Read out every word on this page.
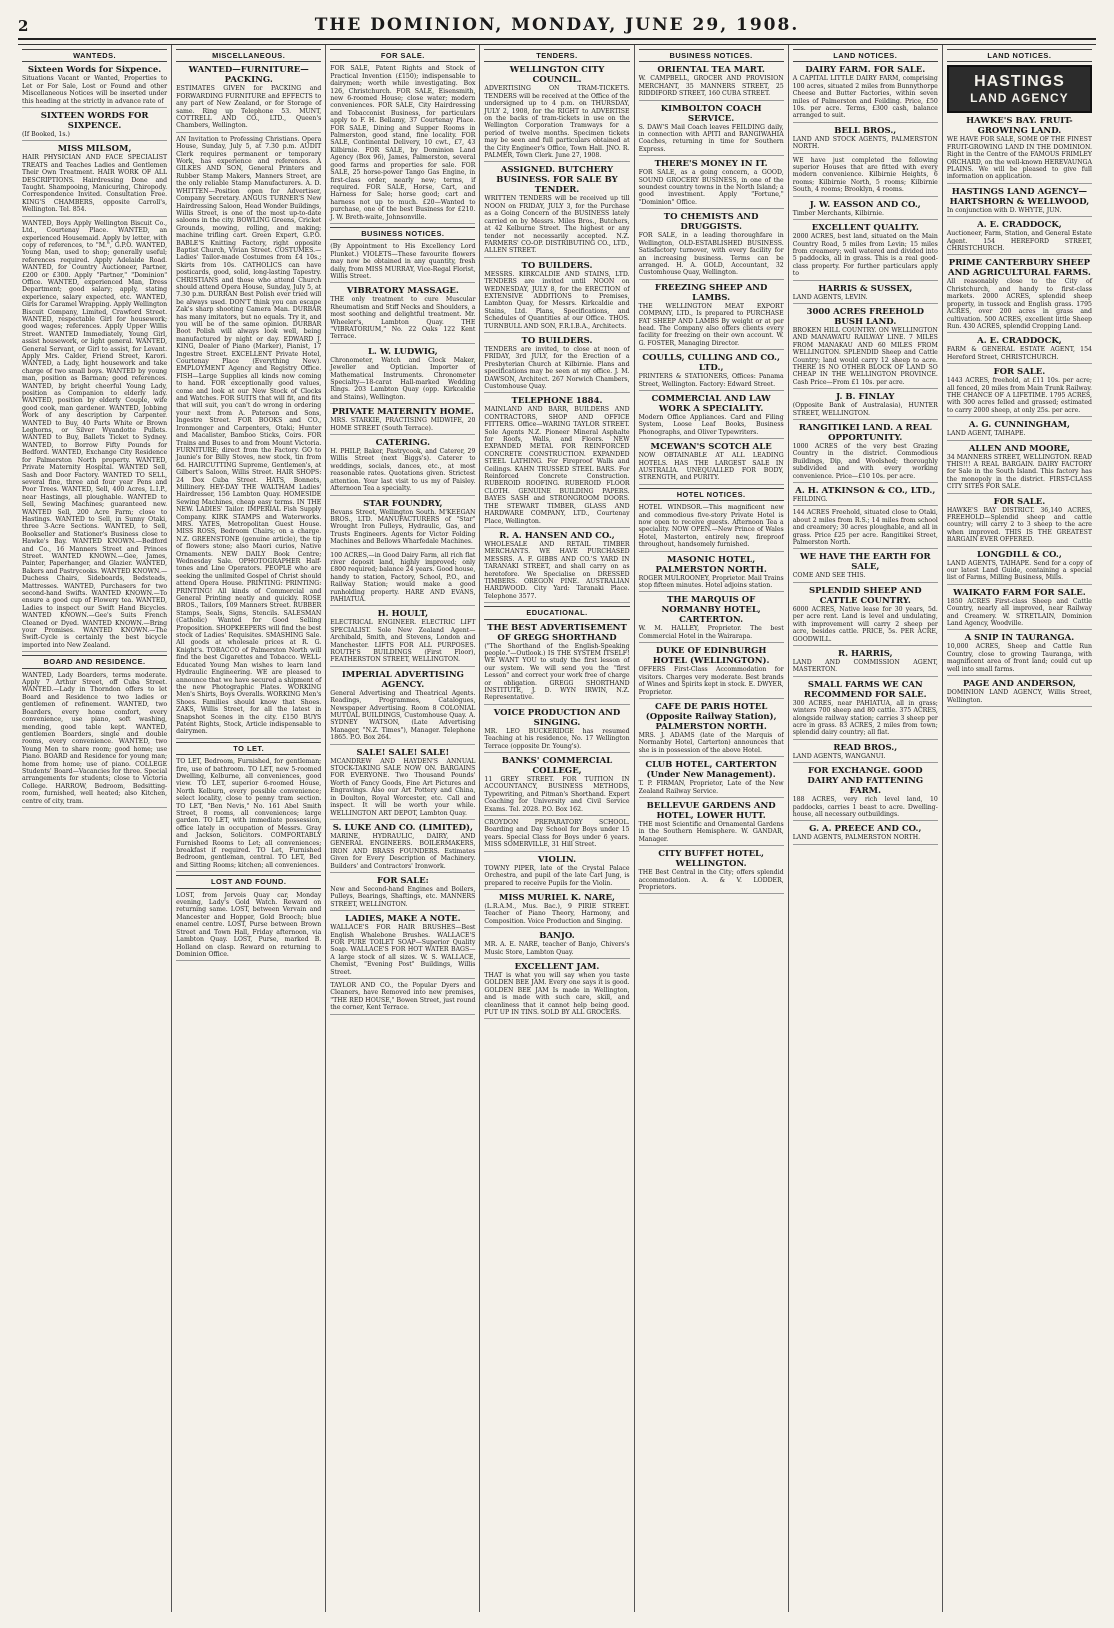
2	THE DOMINION, MONDAY, JUNE 29, 1908.
WANTEDS.

Sixteen Words for Sixpence.

Situations Vacant or Wanted, Properties to Let or For Sale, Lost or Found and other Miscellaneous Notices will be inserted under this heading at the strictly in advance rate of

SIXTEEN WORDS FOR SIXPENCE.

(If Booked, 1s.)

MISS MILSOM,

HAIR PHYSICIAN AND FACE SPECIALIST TREATS and Teaches Ladies and Gentlemen Their Own Treatment. HAIR WORK OF ALL DESCRIPTIONS. Hairdressing Done and Taught. Shampooing, Manicuring, Chiropody. Correspondence Invited. Consultation Free. KING'S CHAMBERS, opposite Carroll's, Wellington. Tel. 854.

WANTED, Boys Apply Wellington Biscuit Co., Ltd., Courtenay Place. WANTED, an experienced Housemaid. Apply by letter, with copy of references, to "M.", G.P.O. WANTED, Young Man, used to shop; generally useful; references required. Apply Adelaide Road. WANTED, for Country Auctioneer, Partner, £200 or £300. Apply "Partner," "Dominion" Office. WANTED, experienced Man, Dress Department; good salary; apply, stating experience, salary expected, etc. WANTED, Girls for Caramel Wrapping. Apply Wellington Biscuit Company, Limited, Crawford Street. WANTED, respectable Girl for housework; good wages; references. Apply Upper Willis Street. WANTED Immediately, Young Girl, assist housework, or light general. WANTED, General Servant, or Girl to assist, for Levant. Apply Mrs. Calder, Friend Street, Karori. WANTED, a Lady, light housework and take charge of two small boys. WANTED by young man, position as Barman; good references. WANTED, by bright cheerful Young Lady, position as Companion to elderly lady. WANTED, position by elderly Couple, wife good cook, man gardener. WANTED, Jobbing Work of any description by Carpenter. WANTED to Buy, 40 Parts White or Brown Leghorns, or Silver Wyandotte Pullets. WANTED to Buy, Ballets Ticket to Sydney. WANTED, to Borrow Fifty Pounds for Bedford. WANTED, Exchange City Residence for Palmerston North property. WANTED, Private Maternity Hospital. WANTED Sell, Sash and Door Factory. WANTED TO SELL, several fine, three and four year Pens and Poor Trees. WANTED, Sell, 400 Acres, L.I.P., near Hastings, all ploughable. WANTED to Sell, Sewing Machines; guaranteed new. WANTED Sell, 200 Acre Farm; close to Hastings. WANTED to Sell, in Sunny Otaki, three 3-Acre Sections. WANTED, to Sell, Bookseller and Stationer's Business close to Hawke's Bay. WANTED KNOWN.—Bedford and Co., 16 Manners Street and Princes Street. WANTED KNOWN.—Gee, James, Painter, Paperhanger, and Glazier. WANTED, Bakers and Pastrycooks. WANTED KNOWN.—Duchess Chairs, Sideboards, Bedsteads, Mattresses. WANTED, Purchasers for two second-hand Swifts. WANTED KNOWN.—To ensure a good cup of Flowery tea. WANTED, Ladies to inspect our Swift Hand Bicycles. WANTED KNOWN.—Gee's Suits French Cleaned or Dyed. WANTED KNOWN.—Bring your Promises. WANTED KNOWN.—The Swift-Cycle is certainly the best bicycle imported into New Zealand.

BOARD AND RESIDENCE.

WANTED, Lady Boarders, terms moderate. Apply 7 Arthur Street, off Cuba Street. WANTED.—Lady in Thorndon offers to let Board and Residence to two ladies or gentlemen of refinement. WANTED, two Boarders, every home comfort, every convenience, use piano, soft washing, mending, good table kept. WANTED, gentlemen Boarders, single and double rooms, every convenience. WANTED, two Young Men to share room; good home; use Piano. BOARD and Residence for young man; home from home; use of piano. COLLEGE Students' Board—Vacancies for three. Special arrangements for students; close to Victoria College. HARROW, Bedroom, Bedsitting-room, furnished, well heated; also Kitchen, centre of city, tram.

MISCELLANEOUS.

WANTED—FURNITURE—PACKING.

ESTIMATES GIVEN for PACKING and FORWARDING FURNITURE and EFFECTS to any part of New Zealand, or for Storage of same. Ring up Telephone 53. MUNT, COTTRELL AND CO., LTD., Queen's Chambers, Wellington.

AN Invitation to Professing Christians. Opera House, Sunday, July 5, at 7.30 p.m. AUDIT Clerk requires permanent or temporary Work, has experience and references. A GILKES AND SON, General Printers and Rubber Stamp Makers, Manners Street, are the only reliable Stamp Manufacturers. A. D. WHITTEN—Position open for Advertiser, Company Secretary. ANGUS TURNER'S New Hairdressing Saloon, Head Wonder Buildings, Willis Street, is one of the most up-to-date saloons in the city. BOWLING Greens, Cricket Grounds, mowing, rolling, and making; machine trifling cart. Green Expert, G.P.O. BABLE'S Knitting Factory, right opposite Baptist Church, Vivian Street. COSTUMES.—Ladies' Tailor-made Costumes from £4 10s.; Skirts from 10s. CATHOLICS can have posticards, good, solid, long-lasting Tapestry. CHRISTIANS and those who attend Church should attend Opera House, Sunday, July 5, at 7.30 p.m. DURRAN Best Polish ever tried will be always used. DON'T think you can escape Zak's sharp shooting Camera Man. DURBAR has many imitators, but no equals. Try it, and you will be of the same opinion. DURBAR Boot Polish will always look well, being manufactured by night or day. EDWARD J. KING, Dealer of Piano (Marker), Pianist, 17 Ingestre Street. EXCELLENT Private Hotel, Courtenay Place (Everything New). EMPLOYMENT Agency and Registry Office. FISH—Large Supplies all kinds now coming to hand. FOR exceptionally good values, come and look at our New Stock of Clocks and Watches. FOR SUITS that will fit, and fits that will suit, you can't do wrong in ordering your next from A. Paterson and Sons, Ingestre Street. FOR BOOKS and CO., Ironmonger and Carpenters, Otaki; Hunter and Macalister, Bamboo Sticks, Coirs. FOR Trains and Buses to and from Mount Victoria. FURNITURE; direct from the Factory. GO to Jaunie's for Billy Stoves, new stock, tin from 6d. HAIRCUTTING Supreme, Gentlemen's, at Gilbert's Saloon, Willis Street. HAIR SHOPS: 24 Dox Cuba Street. HATS, Bonnets, Millinery. HEY-DAY THE WALTHAM Ladies' Hairdresser, 156 Lambton Quay. HOMESIDE Sewing Machines, cheap easy terms. IN THE NEW. LADIES' Tailor. IMPERIAL Fish Supply Company. KIRK STAMPS and Waterworks. MRS. YATES, Metropolitan Guest House. MISS ROSS, Bedroom Chairs; on a charge. N.Z. GREENSTONE (genuine article), the tip of flowers stone; also Maori curios, Native Ornaments. NEW DAILY Book Centre; Wednesday Sale. OPHOTOGRAPHER Half-tones and Line Operators. PEOPLE who are seeking the unlimited Gospel of Christ should attend Opera House. PRINTING: PRINTING: PRINTING! All kinds of Commercial and General Printing neatly and quickly. ROSE BROS., Tailors, 109 Manners Street. RUBBER Stamps, Seals, Signs, Stencils. SALESMAN (Catholic) Wanted for Good Selling Proposition. SHOPKEEPERS will find the best stock of Ladies' Requisites. SMASHING Sale. All goods at wholesale prices at R. G. Knight's. TOBACCO of Palmerston North will find the best Cigarettes and Tobacco. WELL-Educated Young Man wishes to learn land Hydraulic Engineering. WE are pleased to announce that we have secured a shipment of the new Photographic Plates. WORKING Men's Shirts, Boys Overalls. WORKING Men's Shoes. Families should know that Shoes. ZAKS, Willis Street, for all the latest in Snapshot Scenes in the city. £150 BUYS Patent Rights, Stock, Article indispensable to dairymen.

TO LET.

TO LET, Bedroom, Furnished, for gentleman; fire, use of bathroom. TO LET, new 5-roomed Dwelling, Kelburne, all conveniences, good view. TO LET, superior 6-roomed House, North Kelburn, every possible convenience; select locality, close to penny tram section. TO LET, "Ben Nevis," No. 161 Abel Smith Street, 8 rooms, all conveniences; large garden. TO LET, with immediate possession, office lately in occupation of Messrs. Gray and Jackson, Solicitors. COMFORTABLY Furnished Rooms to Let; all conveniences; breakfast if required. TO Let, Furnished Bedroom, gentleman, central. TO LET, Bed and Sitting Rooms; kitchen; all conveniences.

LOST AND FOUND.

LOST, from Jervois Quay car, Monday evening, Lady's Gold Watch. Reward on returning same. LOST, between Vervain and Mancester and Hopper, Gold Brooch; blue enamel centre. LOST, Purse between Brown Street and Town Hall, Friday afternoon, via Lambton Quay. LOST, Purse, marked B. Holland on clasp. Reward on returning to Dominion Office.

FOR SALE.

FOR SALE, Patent Rights and Stock of Practical Invention (£150); indispensable to dairymen; worth while investigating. Box 126, Christchurch. FOR SALE, Eisensmith, new 6-roomed House; close water; modern conveniences. FOR SALE, City Hairdressing and Tobacconist Business, for particulars apply to F. H. Bellamy, 37 Courtenay Place. FOR SALE, Dining and Supper Rooms in Palmerston, good stand, fine locality. FOR SALE, Continental Delivery, 10 cwt., £7, 43 Kilbirnie. FOR SALE, by Dominion Land Agency (Box 96), James, Palmerston, several good farms and properties for sale. FOR SALE, 25 horse-power Tango Gas Engine, in first-class order, nearly new; terms, if required. FOR SALE, Horse, Cart, and Harness for Sale; horse good; cart and harness not up to much. £20—Wanted to purchase, one of the best Business for £210. J. W. Breth-waite, Johnsonville.

BUSINESS NOTICES.

(By Appointment to His Excellency Lord Plunket.) VIOLETS—These favourite flowers may now be obtained in any quantity, fresh daily, from MISS MURRAY, Vice-Regal Florist, Willis Street.

VIBRATORY MASSAGE.

THE only treatment to cure Muscular Rheumatism and Stiff Necks and Shoulders, a most soothing and delightful treatment. Mr. Wheeler's, Lambton Quay. THE "VIBRATORIUM," No. 22 Oaks 122 Kent Terrace.

L. W. LUDWIG,

Chronometer, Watch and Clock Maker, Jeweller and Optician. Importer of Mathematical Instruments. Chronometer Specialty—18-carat Hall-marked Wedding Rings. 203 Lambton Quay (opp. Kirkcaldie and Stains), Wellington.

PRIVATE MATERNITY HOME.

MRS. STARKIE, PRACTISING MIDWIFE, 20 HOME STREET (South Terrace).

CATERING.

H. PHILP, Baker, Pastrycook, and Caterer, 29 Willis Street (next Biggs's). Caterer to weddings, socials, dances, etc., at most reasonable rates. Quotations given. Strictest attention. Your last visit to us my of Paisley. Afternoon Tea a specialty.

STAR FOUNDRY,

Bevans Street, Wellington South. M'KEEGAN BROS., LTD. MANUFACTURERS of "Star" Wrought Iron Pulleys, Hydraulic, Gas, and Trusts Engineers. Agents for Victor Folding Machines and Bellows Wharfedale Machines.

100 ACRES,—in Good Dairy Farm, all rich flat river deposit land, highly improved; only £800 required; balance 24 years. Good house, handy to station, Factory, School, P.O., and Railway Station; would make a good runholding property. HARE AND EVANS, PAHIATUA.

H. HOULT,

ELECTRICAL ENGINEER. ELECTRIC LIFT SPECIALIST. Sole New Zealand Agent—Archibald, Smith, and Stevens, London and Manchester. LIFTS FOR ALL PURPOSES. ROUTH'S BUILDINGS (First Floor), FEATHERSTON STREET, WELLINGTON.

IMPERIAL ADVERTISING AGENCY.

General Advertising and Theatrical Agents. Readings, Programmes, Catalogues, Newspaper Advertising. Room 8 COLONIAL MUTUAL BUILDINGS, Customhouse Quay. A. SYDNEY WATSON, (Late Advertising Manager, "N.Z. Times"), Manager. Telephone 1865. P.O. Box 264.

SALE! SALE! SALE!

MCANDREW AND HAYDEN'S ANNUAL STOCK-TAKING SALE NOW ON. BARGAINS FOR EVERYONE. Two Thousand Pounds' Worth of Fancy Goods, Fine Art Pictures and Engravings. Also our Art Pottery and China, in Doulton, Royal Worcester, etc. Call and inspect. It will be worth your while. WELLINGTON ART DEPOT, Lambton Quay.

S. LUKE AND CO. (LIMITED),

MARINE, HYDRAULIC, DAIRY, AND GENERAL ENGINEERS. BOILERMAKERS, IRON AND BRASS FOUNDERS. Estimates Given for Every Description of Machinery. Builders' and Contractors' Ironwork.

FOR SALE:

New and Second-hand Engines and Boilers, Pulleys, Bearings, Shaftings, etc. MANNERS STREET, WELLINGTON.

LADIES, MAKE A NOTE.

WALLACE'S FOR HAIR BRUSHES—Best English Whalebone Brushes. WALLACE'S FOR PURE TOILET SOAP—Superior Quality Soap. WALLACE'S FOR HOT WATER BAGS—A large stock of all sizes. W. S. WALLACE, Chemist, "Evening Post" Buildings, Willis Street.

TAYLOR AND CO., the Popular Dyers and Cleaners, have Removed into new premises, "THE RED HOUSE," Bowen Street, just round the corner, Kent Terrace.

TENDERS.

WELLINGTON CITY COUNCIL.

ADVERTISING ON TRAM-TICKETS. TENDERS will be received at the Office of the undersigned up to 4 p.m. on THURSDAY, JULY 2, 1908, for the RIGHT to ADVERTISE on the backs of tram-tickets in use on the Wellington Corporation Tramways for a period of twelve months. Specimen tickets may be seen and full particulars obtained at the City Engineer's Office, Town Hall. JNO. R. PALMER, Town Clerk. June 27, 1908.

ASSIGNED. BUTCHERY BUSINESS. FOR SALE BY TENDER.

WRITTEN TENDERS will be received up till NOON on FRIDAY, JULY 3, for the Purchase as a Going Concern of the BUSINESS lately carried on by Messrs. Miles Bros., Butchers, at 42 Kelburne Street. The highest or any tender not necessarily accepted. N.Z. FARMERS' CO-OP. DISTRIBUTING CO., LTD., ALLEN STREET.

TO BUILDERS.

MESSRS. KIRKCALDIE AND STAINS, LTD. TENDERS are invited until NOON on WEDNESDAY, JULY 8, for the ERECTION of EXTENSIVE ADDITIONS to Premises, Lambton Quay, for Messrs. Kirkcaldie and Stains, Ltd. Plans, Specifications, and Schedules of Quantities at our Office. THOS. TURNBULL AND SON, F.R.I.B.A., Architects.

TO BUILDERS.

TENDERS are invited, to close at noon of FRIDAY, 3rd JULY, for the Erection of a Presbyterian Church at Kilbirnie. Plans and specifications may be seen at my office. J. M. DAWSON, Architect. 267 Norwich Chambers, Customhouse Quay.

TELEPHONE 1884.

MAINLAND AND BARR, BUILDERS AND CONTRACTORS, SHOP AND OFFICE FITTERS. Office—WARING TAYLOR STREET. Sole Agents N.Z. Pioneer Mineral Asphalte for Roofs, Walls, and Floors. NEW EXPANDED METAL FOR REINFORCED CONCRETE CONSTRUCTION. EXPANDED STEEL LATHING. For Fireproof Walls and Ceilings. KAHN TRUSSED STEEL BARS. For Reinforced Concrete Construction. RUBEROID ROOFING. RUBEROID FLOOR CLOTH. GENUINE BUILDING PAPERS. BAYES SASH and STRONGROOM DOORS. THE STEWART TIMBER, GLASS AND HARDWARE COMPANY, LTD., Courtenay Place, Wellington.

R. A. HANSEN AND CO.,

WHOLESALE AND RETAIL TIMBER MERCHANTS. WE HAVE PURCHASED MESSRS. A. F. GIBBS AND CO.'S YARD IN TARANAKI STREET, and shall carry on as heretofore. We Specialise on DRESSED TIMBERS. OREGON PINE. AUSTRALIAN HARDWOOD. City Yard: Taranaki Place. Telephone 3577.

EDUCATIONAL.

THE BEST ADVERTISEMENT OF GREGG SHORTHAND

("The Shorthand of the English-Speaking people."—Outlook.) IS THE SYSTEM ITSELF! WE WANT YOU to study the first lesson of our system. We will send you the "first Lesson" and correct your work free of charge or obligation. GREGG SHORTHAND INSTITUTE, J. D. WYN IRWIN, N.Z. Representative.

VOICE PRODUCTION AND SINGING.

MR. LEO BUCKERIDGE has resumed Teaching at his residence, No. 17 Wellington Terrace (opposite Dr. Young's).

BANKS' COMMERCIAL COLLEGE,

11 GREY STREET. FOR TUITION IN ACCOUNTANCY, BUSINESS METHODS, Typewriting, and Pitman's Shorthand. Expert Coaching for University and Civil Service Exams. Tel. 2028. P.O. Box 162.

CROYDON PREPARATORY SCHOOL. Boarding and Day School for Boys under 15 years. Special Class for Boys under 6 years. MISS SOMERVILLE, 31 Hill Street.

VIOLIN.

TOWNY PIPER, late of the Crystal Palace Orchestra, and pupil of the late Carl Jung, is prepared to receive Pupils for the Violin.

MISS MURIEL K. NARE,

(L.R.A.M., Mus. Bac.), 9 PIRIE STREET. Teacher of Piano Theory, Harmony, and Composition. Voice Production and Singing.

BANJO.

MR. A. E. NARE, teacher of Banjo, Chivers's Music Store, Lambton Quay.

EXCELLENT JAM.

THAT is what you will say when you taste GOLDEN BEE JAM. Every one says it is good. GOLDEN BEE JAM Is made in Wellington, and is made with such care, skill, and cleanliness that it cannot help being good. PUT UP IN TINS. SOLD BY ALL GROCERS.

BUSINESS NOTICES.

ORIENTAL TEA MART.

W. CAMPBELL, GROCER AND PROVISION MERCHANT, 35 MANNERS STREET, 25 RIDDIFORD STREET, 160 CUBA STREET.

KIMBOLTON COACH SERVICE.

S. DAW'S Mail Coach leaves FEILDING daily, in connection with APITI and RANGIWAHIA Coaches, returning in time for Southern Express.

THERE'S MONEY IN IT.

FOR SALE, as a going concern, a GOOD, SOUND GROCERY BUSINESS, in one of the soundest country towns in the North Island; a good investment. Apply "Fortune," "Dominion" Office.

TO CHEMISTS AND DRUGGISTS.

FOR SALE, in a leading thoroughfare in Wellington, OLD-ESTABLISHED BUSINESS. Satisfactory turnover, with every facility for an increasing business. Terms can be arranged. H. A. GOLD, Accountant, 32 Customhouse Quay, Wellington.

FREEZING SHEEP AND LAMBS.

THE WELLINGTON MEAT EXPORT COMPANY, LTD., Is prepared to PURCHASE FAT SHEEP AND LAMBS By weight or at per head. The Company also offers clients every facility for freezing on their own account. W. G. FOSTER, Managing Director.

COULLS, CULLING AND CO., LTD.,

PRINTERS & STATIONERS, Offices: Panama Street, Wellington. Factory: Edward Street.

COMMERCIAL AND LAW WORK A SPECIALITY.

Modern Office Appliances. Card and Filing System, Loose Leaf Books, Business Phonographs, and Oliver Typewriters.

MCEWAN'S SCOTCH ALE

NOW OBTAINABLE AT ALL LEADING HOTELS. HAS THE LARGEST SALE IN AUSTRALIA. UNEQUALLED FOR BODY, STRENGTH, and PURITY.

HOTEL NOTICES.

HOTEL WINDSOR.—This magnificent new and commodious five-story Private Hotel is now open to receive guests. Afternoon Tea a speciality. NOW OPEN.—New Prince of Wales Hotel, Masterton, entirely new, fireproof throughout, handsomely furnished.

MASONIC HOTEL, PALMERSTON NORTH.

ROGER MULROONEY, Proprietor. Mail Trains stop fifteen minutes. Hotel adjoins station.

THE MARQUIS OF NORMANBY HOTEL, CARTERTON.

W. M. HALLEY, Proprietor. The best Commercial Hotel in the Wairarapa.

DUKE OF EDINBURGH HOTEL (WELLINGTON).

OFFERS First-Class Accommodation for visitors. Charges very moderate. Best brands of Wines and Spirits kept in stock. E. DWYER, Proprietor.

CAFE DE PARIS HOTEL (Opposite Railway Station), PALMERSTON NORTH.

MRS. J. ADAMS (late of the Marquis of Normanby Hotel, Carterton) announces that she is in possession of the above Hotel.

CLUB HOTEL, CARTERTON (Under New Management).

T. P. FIRMAN, Proprietor, Late of the New Zealand Railway Service.

BELLEVUE GARDENS AND HOTEL, LOWER HUTT.

THE most Scientific and Ornamental Gardens in the Southern Hemisphere. W. GANDAR, Manager.

CITY BUFFET HOTEL, WELLINGTON.

THE Best Central in the City; offers splendid accommodation. A. & V. LODDER, Proprietors.

LAND NOTICES.

DAIRY FARM. FOR SALE.

A CAPITAL LITTLE DAIRY FARM, comprising 100 acres, situated 2 miles from Bunnythorpe Cheese and Butter Factories, within seven miles of Palmerston and Feilding. Price, £50 10s. per acre. Terms, £300 cash, balance arranged to suit.

BELL BROS.,

LAND AND STOCK AGENTS, PALMERSTON NORTH.

WE have just completed the following superior Houses that are fitted with every modern convenience. Kilbirnie Heights, 6 rooms; Kilbirnie North, 5 rooms; Kilbirnie South, 4 rooms; Brooklyn, 4 rooms.

J. W. EASSON AND CO.,

Timber Merchants, Kilbirnie.

EXCELLENT QUALITY.

2000 ACRES, best land, situated on the Main Country Road, 5 miles from Levin; 15 miles from creamery; well watered and divided into 5 paddocks, all in grass. This is a real good-class property. For further particulars apply to

HARRIS & SUSSEX,

LAND AGENTS, LEVIN.

3000 ACRES FREEHOLD BUSH LAND.

BROKEN HILL COUNTRY. ON WELLINGTON AND MANAWATU RAILWAY LINE. 7 MILES FROM MANAKAU AND 60 MILES FROM WELLINGTON. SPLENDID Sheep and Cattle Country; land would carry 12 sheep to acre. THERE IS NO OTHER BLOCK OF LAND SO CHEAP IN THE WELLINGTON PROVINCE. Cash Price—From £1 10s. per acre.

J. B. FINLAY

(Opposite Bank of Australasia), HUNTER STREET, WELLINGTON.

RANGITIKEI LAND. A REAL OPPORTUNITY.

1000 ACRES of the very best Grazing Country in the district. Commodious Buildings, Dip, and Woolshed; thoroughly subdivided and with every working convenience. Price—£10 10s. per acre.

A. H. ATKINSON & CO., LTD.,

FEILDING.

144 ACRES Freehold, situated close to Otaki, about 2 miles from R.S.; 14 miles from school and creamery; 30 acres ploughable, and all in grass. Price £25 per acre. Rangitikei Street, Palmerston North.

WE HAVE THE EARTH FOR SALE,

COME AND SEE THIS.

SPLENDID SHEEP AND CATTLE COUNTRY.

6000 ACRES, Native lease for 30 years, 5d. per acre rent. Land is level and undulating, with improvement will carry 2 sheep per acre, besides cattle. PRICE, 5s. PER ACRE, GOODWILL.

R. HARRIS,

LAND AND COMMISSION AGENT, MASTERTON.

SMALL FARMS WE CAN RECOMMEND FOR SALE.

300 ACRES, near PAHIATUA, all in grass; winters 700 sheep and 80 cattle. 375 ACRES, alongside railway station; carries 3 sheep per acre in grass. 83 ACRES, 2 miles from town; splendid dairy country; all flat.

READ BROS.,

LAND AGENTS, WANGANUI.

FOR EXCHANGE. GOOD DAIRY AND FATTENING FARM.

188 ACRES, very rich level land, 10 paddocks, carries 1 beast to acre. Dwelling-house, all necessary outbuildings.

G. A. PREECE AND CO.,

LAND AGENTS, PALMERSTON NORTH.

LAND NOTICES.
HASTINGS
LAND AGENCY

HAWKE'S BAY. FRUIT-GROWING LAND.

WE HAVE FOR SALE, SOME OF THE FINEST FRUIT-GROWING LAND IN THE DOMINION. Right in the Centre of the FAMOUS FRIMLEY ORCHARD, on the well-known HEREVAUNGA PLAINS. We will be pleased to give full information on application.

HASTINGS LAND AGENCY— HARTSHORN & WELLWOOD,

In conjunction with D. WHYTE, JUN.

A. E. CRADDOCK,

Auctioneer, Farm, Station, and General Estate Agent. 154 HEREFORD STREET, CHRISTCHURCH.

PRIME CANTERBURY SHEEP AND AGRICULTURAL FARMS.

All reasonably close to the City of Christchurch, and handy to first-class markets. 2000 ACRES, splendid sheep property, in tussock and English grass. 1795 ACRES, over 200 acres in grass and cultivation. 500 ACRES, excellent little Sheep Run. 430 ACRES, splendid Cropping Land.

A. E. CRADDOCK,

FARM & GENERAL ESTATE AGENT, 154 Hereford Street, CHRISTCHURCH.

FOR SALE.

1443 ACRES, freehold, at £11 10s. per acre; all fenced, 20 miles from Main Trunk Railway. THE CHANCE OF A LIFETIME. 1795 ACRES, with 300 acres felled and grassed; estimated to carry 2000 sheep, at only 25s. per acre.

A. G. CUNNINGHAM,

LAND AGENT, TAIHAPE.

ALLEN AND MOORE,

34 MANNERS STREET, WELLINGTON. READ THIS!!! A REAL BARGAIN. DAIRY FACTORY for Sale in the South Island. This factory has the monopoly in the district. FIRST-CLASS CITY SITES FOR SALE.

FOR SALE.

HAWKE'S BAY DISTRICT. 36,140 ACRES, FREEHOLD—Splendid sheep and cattle country; will carry 2 to 3 sheep to the acre when improved. THIS IS THE GREATEST BARGAIN EVER OFFERED.

LONGDILL & CO.,

LAND AGENTS, TAIHAPE. Send for a copy of our latest Land Guide, containing a special list of Farms, Milling Business, Mills.

WAIKATO FARM FOR SALE.

1850 ACRES First-class Sheep and Cattle Country, nearly all improved, near Railway and Creamery. W. STRETLAIN, Dominion Land Agency, Woodville.

A SNIP IN TAURANGA.

10,000 ACRES, Sheep and Cattle Run Country, close to growing Tauranga, with magnificent area of front land; could cut up well into small farms.

PAGE AND ANDERSON,

DOMINION LAND AGENCY, Willis Street, Wellington.
